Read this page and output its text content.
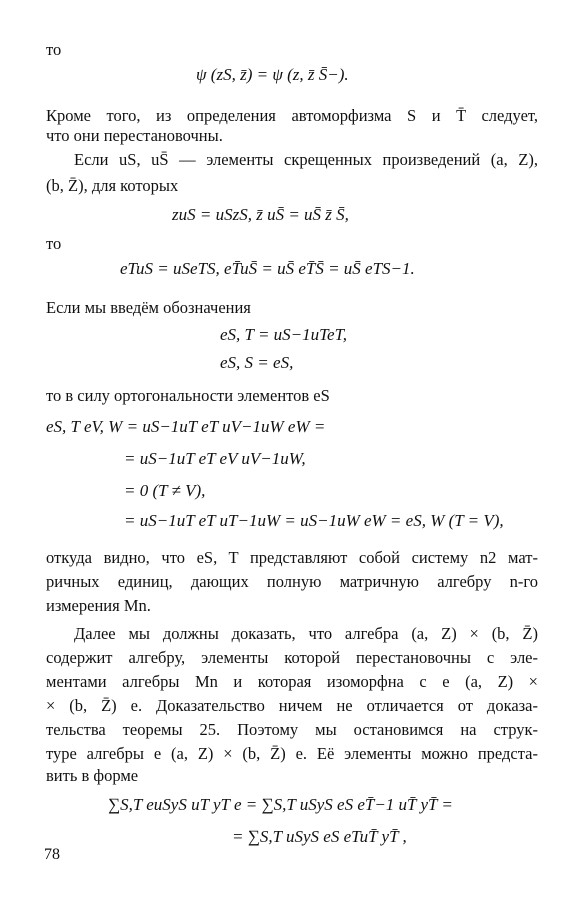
то
ψ (zS, z̄) = ψ (z, z̄ S̄−).
Кроме того, из определения автоморфизма S и T̄ следует,
что они перестановочны.
Если uS, uS̄ — элементы скрещенных произведений (a, Z),
(b, Z̄), для которых
zuS = uSzS, z̄ uS̄ = uS̄ z̄ S̄,
то
eTuS = uSeTS, eT̄uS̄ = uS̄ eT̄S̄ = uS̄ eTS−1.
Если мы введём обозначения
eS, T = uS−1uTeT,
eS, S = eS,
то в силу ортогональности элементов eS
eS, T eV, W = uS−1uT eT uV−1uW eW =
= uS−1uT eT eV uV−1uW,
= 0 (T ≠ V),
= uS−1uT eT uT−1uW = uS−1uW eW = eS, W (T = V),
откуда видно, что eS, T представляют собой систему n2 мат-
ричных единиц, дающих полную матричную алгебру n-го
измерения Mn.
Далее мы должны доказать, что алгебра (a, Z) × (b, Z̄)
содержит алгебру, элементы которой перестановочны с эле-
ментами алгебры Mn и которая изоморфна с e (a, Z) ×
× (b, Z̄) e. Доказательство ничем не отличается от доказа-
тельства теоремы 25. Поэтому мы остановимся на струк-
туре алгебры e (a, Z) × (b, Z̄) e. Её элементы можно предста-
вить в форме
∑S,T euSyS uT yT e = ∑S,T uSyS eS eT̄−1 uT̄ yT̄ =
= ∑S,T uSyS eS eTuT̄ yT̄ ,
78
